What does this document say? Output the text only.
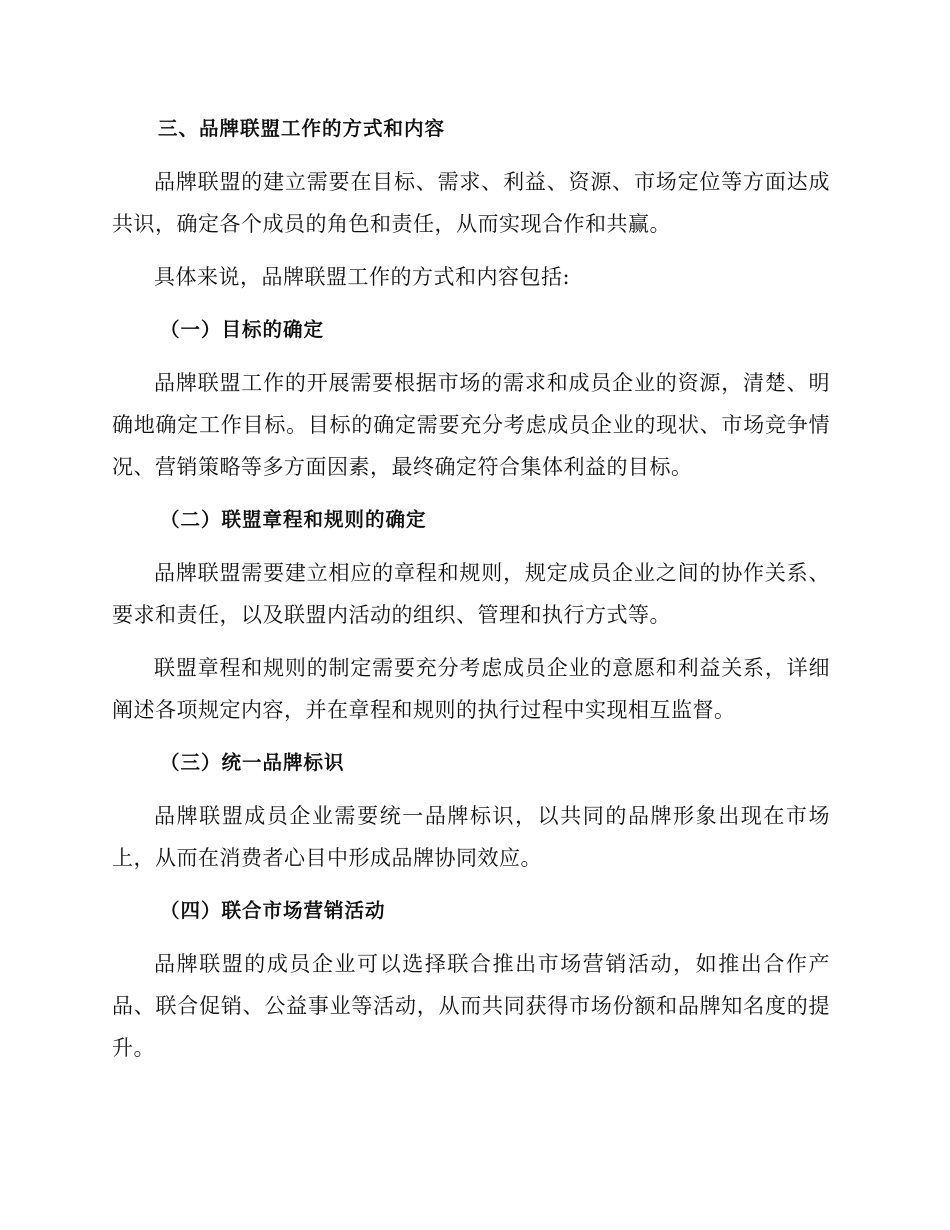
三、品牌联盟工作的方式和内容

品牌联盟的建立需要在目标、需求、利益、资源、市场定位等方面达成共识，确定各个成员的角色和责任，从而实现合作和共赢。

具体来说，品牌联盟工作的方式和内容包括:

（一）目标的确定

品牌联盟工作的开展需要根据市场的需求和成员企业的资源，清楚、明确地确定工作目标。目标的确定需要充分考虑成员企业的现状、市场竞争情况、营销策略等多方面因素，最终确定符合集体利益的目标。

（二）联盟章程和规则的确定

品牌联盟需要建立相应的章程和规则，规定成员企业之间的协作关系、要求和责任，以及联盟内活动的组织、管理和执行方式等。

联盟章程和规则的制定需要充分考虑成员企业的意愿和利益关系，详细阐述各项规定内容，并在章程和规则的执行过程中实现相互监督。

（三）统一品牌标识

品牌联盟成员企业需要统一品牌标识，以共同的品牌形象出现在市场上，从而在消费者心目中形成品牌协同效应。

（四）联合市场营销活动

品牌联盟的成员企业可以选择联合推出市场营销活动，如推出合作产品、联合促销、公益事业等活动，从而共同获得市场份额和品牌知名度的提升。
